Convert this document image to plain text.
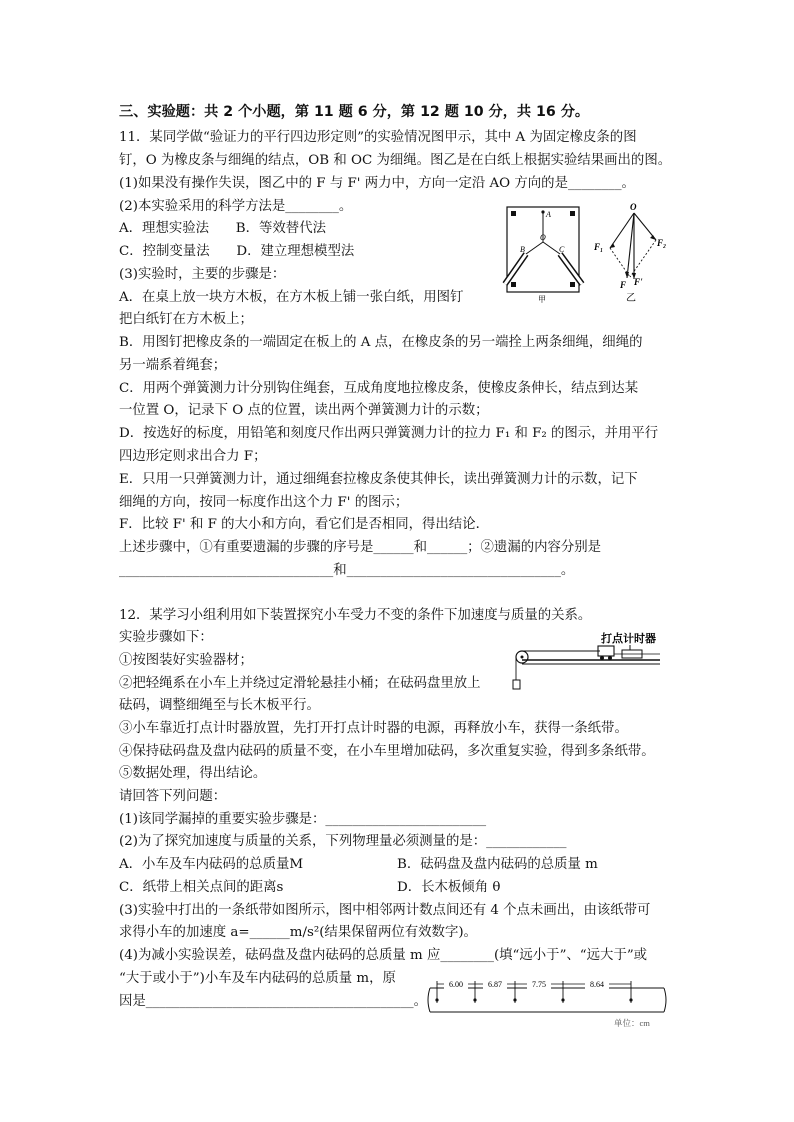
三、实验题：共 2 个小题，第 11 题 6 分，第 12 题 10 分，共 16 分。
11．某同学做“验证力的平行四边形定则”的实验情况图甲示，其中 A 为固定橡皮条的图
钉，O 为橡皮条与细绳的结点，OB 和 OC 为细绳。图乙是在白纸上根据实验结果画出的图。
(1)如果没有操作失误，图乙中的 F 与 F' 两力中，方向一定沿 AO 方向的是________。
(2)本实验采用的科学方法是________。
A．理想实验法　　B．等效替代法
C．控制变量法　　D．建立理想模型法
(3)实验时，主要的步骤是：
A．在桌上放一块方木板，在方木板上铺一张白纸，用图钉
把白纸钉在方木板上；
B．用图钉把橡皮条的一端固定在板上的 A 点，在橡皮条的另一端拴上两条细绳，细绳的
另一端系着绳套；
C．用两个弹簧测力计分别钩住绳套，互成角度地拉橡皮条，使橡皮条伸长，结点到达某
一位置 O，记录下 O 点的位置，读出两个弹簧测力计的示数；
D．按选好的标度，用铅笔和刻度尺作出两只弹簧测力计的拉力 F₁ 和 F₂ 的图示，并用平行
四边形定则求出合力 F；
E．只用一只弹簧测力计，通过细绳套拉橡皮条使其伸长，读出弹簧测力计的示数，记下
细绳的方向，按同一标度作出这个力 F' 的图示；
F．比较 F' 和 F 的大小和方向，看它们是否相同，得出结论．
上述步骤中，①有重要遗漏的步骤的序号是______和______；②遗漏的内容分别是
________________________________和________________________________。
A
B
O
C
甲
O
F₁	F₂
F F'
乙
12．某学习小组利用如下装置探究小车受力不变的条件下加速度与质量的关系。
实验步骤如下：
①按图装好实验器材；
②把轻绳系在小车上并绕过定滑轮悬挂小桶；在砝码盘里放上
砝码，调整细绳至与长木板平行。
③小车靠近打点计时器放置，先打开打点计时器的电源，再释放小车，获得一条纸带。
④保持砝码盘及盘内砝码的质量不变，在小车里增加砝码，多次重复实验，得到多条纸带。
⑤数据处理，得出结论。
请回答下列问题：
(1)该同学漏掉的重要实验步骤是：________________________
(2)为了探究加速度与质量的关系，下列物理量必须测量的是：____________
A．小车及车内砝码的总质量M	B．砝码盘及盘内砝码的总质量 m
C．纸带上相关点间的距离s	D．长木板倾角 θ
(3)实验中打出的一条纸带如图所示，图中相邻两计数点间还有 4 个点未画出，由该纸带可
求得小车的加速度 a=______m/s²(结果保留两位有效数字)。
(4)为减小实验误差，砝码盘及盘内砝码的总质量 m 应________(填“远小于”、“远大于”或
“大于或小于”)小车及车内砝码的总质量 m，原
因是________________________________________。
打点计时器
6.00	6.87	7.75	8.64
单位：cm
